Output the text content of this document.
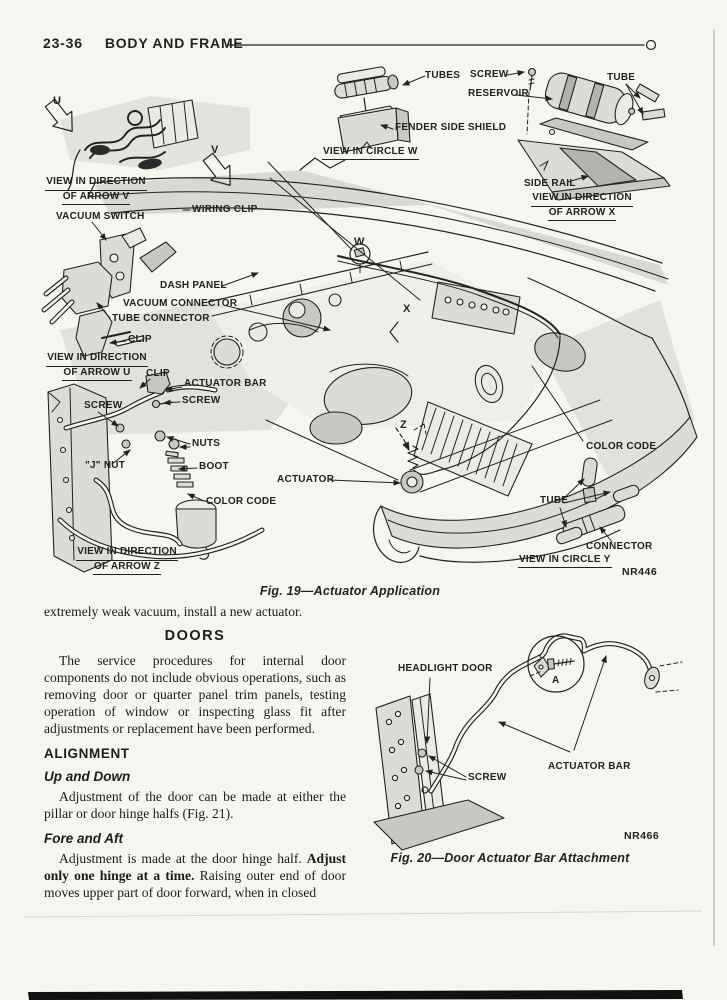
23-36 BODY AND FRAME
TUBES SCREW
RESERVOIR
FENDER SIDE SHIELD
VIEW IN CIRCLE W
TUBE
SIDE RAIL
VIEW IN DIRECTION
OF ARROW X
U
V
VIEW IN DIRECTION
OF ARROW V
VACUUM SWITCH
WIRING CLIP
DASH PANEL
VACUUM CONNECTOR
TUBE CONNECTOR
CLIP
VIEW IN DIRECTION
OF ARROW U	CLIP
ACTUATOR BAR
SCREW
SCREW
NUTS
"J" NUT	BOOT
ACTUATOR
COLOR CODE
VIEW IN DIRECTION
OF ARROW Z
W
X
Z
COLOR CODE
TUBE
CONNECTOR
VIEW IN CIRCLE Y
NR446
Fig. 19—Actuator Application

extremely weak vacuum, install a new actuator.

DOORS

The service procedures for internal door components do not include obvious operations, such as removing door or quarter panel trim panels, testing operation of window or inspecting glass fit after adjustments or replacement have been performed.

ALIGNMENT
Up and Down

Adjustment of the door can be made at either the pillar or door hinge halfs (Fig. 21).

Fore and Aft

Adjustment is made at the door hinge half. Adjust only one hinge at a time. Raising outer end of door moves upper part of door forward, when in closed

HEADLIGHT DOOR
SCREW
ACTUATOR BAR
A
NR466
Fig. 20—Door Actuator Bar Attachment
